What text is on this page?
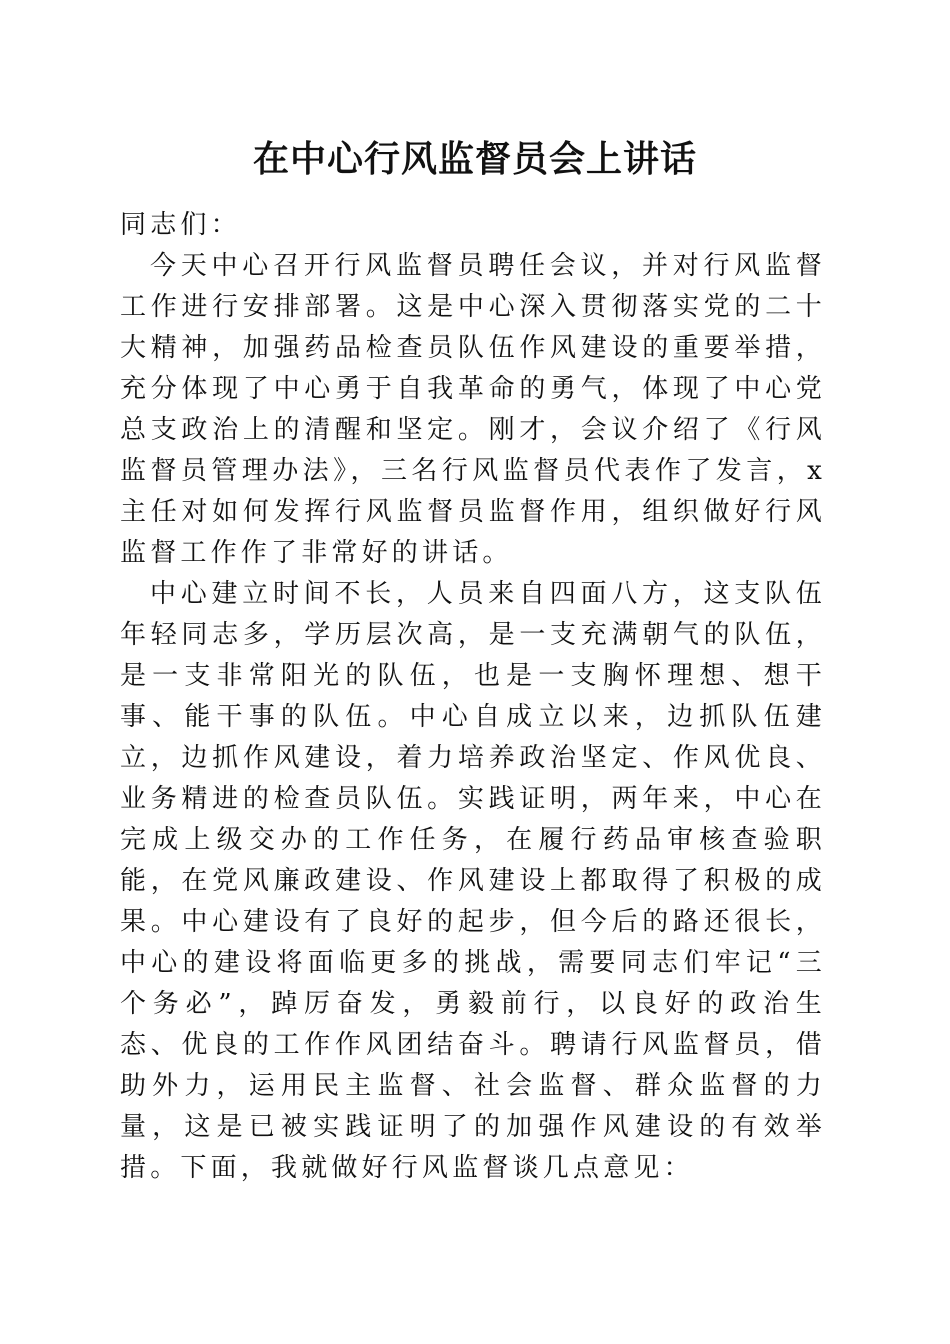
在中心行风监督员会上讲话

同志们：

今天中心召开行风监督员聘任会议，并对行风监督工作进行安排部署。这是中心深入贯彻落实党的二十大精神，加强药品检查员队伍作风建设的重要举措，充分体现了中心勇于自我革命的勇气，体现了中心党总支政治上的清醒和坚定。刚才，会议介绍了《行风监督员管理办法》，三名行风监督员代表作了发言，x主任对如何发挥行风监督员监督作用，组织做好行风监督工作作了非常好的讲话。

中心建立时间不长，人员来自四面八方，这支队伍年轻同志多，学历层次高，是一支充满朝气的队伍，是一支非常阳光的队伍，也是一支胸怀理想、想干事、能干事的队伍。中心自成立以来，边抓队伍建立，边抓作风建设，着力培养政治坚定、作风优良、业务精进的检查员队伍。实践证明，两年来，中心在完成上级交办的工作任务，在履行药品审核查验职能，在党风廉政建设、作风建设上都取得了积极的成果。中心建设有了良好的起步，但今后的路还很长，中心的建设将面临更多的挑战，需要同志们牢记“三个务必”，踔厉奋发，勇毅前行，以良好的政治生态、优良的工作作风团结奋斗。聘请行风监督员，借助外力，运用民主监督、社会监督、群众监督的力量，这是已被实践证明了的加强作风建设的有效举措。下面，我就做好行风监督谈几点意见：
